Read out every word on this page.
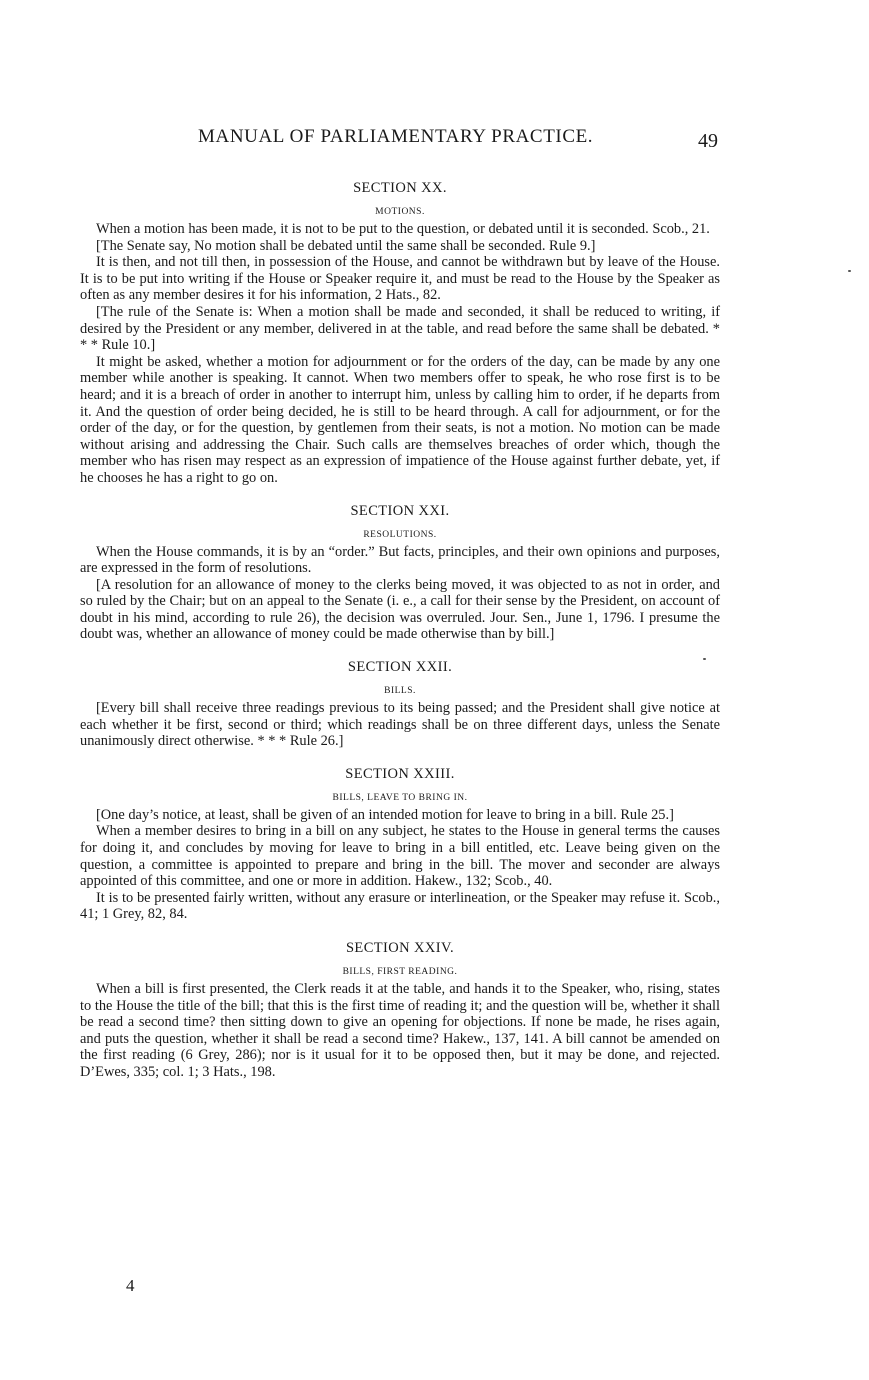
MANUAL OF PARLIAMENTARY PRACTICE.	49
SECTION XX.
MOTIONS.

When a motion has been made, it is not to be put to the question, or debated until it is seconded. Scob., 21.

[The Senate say, No motion shall be debated until the same shall be seconded. Rule 9.]

It is then, and not till then, in possession of the House, and cannot be withdrawn but by leave of the House. It is to be put into writing if the House or Speaker require it, and must be read to the House by the Speaker as often as any member desires it for his information, 2 Hats., 82.

[The rule of the Senate is: When a motion shall be made and seconded, it shall be reduced to writing, if desired by the President or any member, delivered in at the table, and read before the same shall be debated. * * * Rule 10.]

It might be asked, whether a motion for adjournment or for the orders of the day, can be made by any one member while another is speaking. It cannot. When two members offer to speak, he who rose first is to be heard; and it is a breach of order in another to interrupt him, unless by calling him to order, if he departs from it. And the question of order being decided, he is still to be heard through. A call for adjournment, or for the order of the day, or for the question, by gentlemen from their seats, is not a motion. No motion can be made without arising and addressing the Chair. Such calls are themselves breaches of order which, though the member who has risen may respect as an expression of impatience of the House against further debate, yet, if he chooses he has a right to go on.

SECTION XXI.
RESOLUTIONS.

When the House commands, it is by an “order.” But facts, principles, and their own opinions and purposes, are expressed in the form of resolutions.

[A resolution for an allowance of money to the clerks being moved, it was objected to as not in order, and so ruled by the Chair; but on an appeal to the Senate (i. e., a call for their sense by the President, on account of doubt in his mind, according to rule 26), the decision was overruled. Jour. Sen., June 1, 1796. I presume the doubt was, whether an allowance of money could be made otherwise than by bill.]

SECTION XXII.
BILLS.

[Every bill shall receive three readings previous to its being passed; and the President shall give notice at each whether it be first, second or third; which readings shall be on three different days, unless the Senate unanimously direct otherwise. * * * Rule 26.]

SECTION XXIII.
BILLS, LEAVE TO BRING IN.

[One day’s notice, at least, shall be given of an intended motion for leave to bring in a bill. Rule 25.]

When a member desires to bring in a bill on any subject, he states to the House in general terms the causes for doing it, and concludes by moving for leave to bring in a bill entitled, etc. Leave being given on the question, a committee is appointed to prepare and bring in the bill. The mover and seconder are always appointed of this committee, and one or more in addition. Hakew., 132; Scob., 40.

It is to be presented fairly written, without any erasure or interlineation, or the Speaker may refuse it. Scob., 41; 1 Grey, 82, 84.

SECTION XXIV.
BILLS, FIRST READING.

When a bill is first presented, the Clerk reads it at the table, and hands it to the Speaker, who, rising, states to the House the title of the bill; that this is the first time of reading it; and the question will be, whether it shall be read a second time? then sitting down to give an opening for objections. If none be made, he rises again, and puts the question, whether it shall be read a second time? Hakew., 137, 141. A bill cannot be amended on the first reading (6 Grey, 286); nor is it usual for it to be opposed then, but it may be done, and rejected. D’Ewes, 335; col. 1; 3 Hats., 198.

4
